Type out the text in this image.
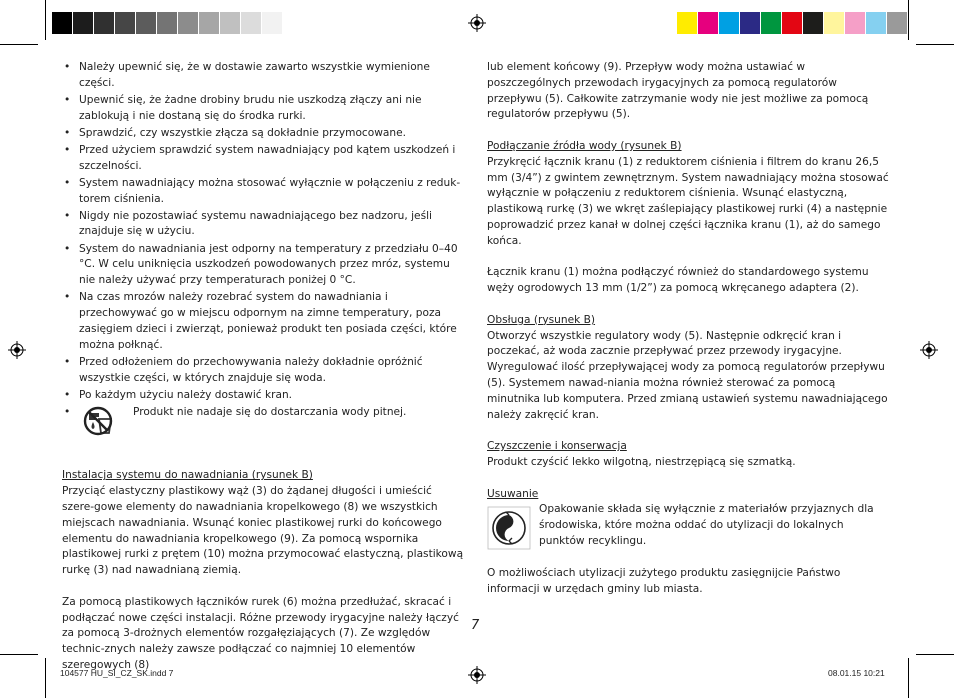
• Należy upewnić się, że w dostawie zawarto wszystkie wymienione części.
• Upewnić się, że żadne drobiny brudu nie uszkodzą złączy ani nie zablokują i nie dostaną się do środka rurki.
• Sprawdzić, czy wszystkie złącza są dokładnie przymocowane.
• Przed użyciem sprawdzić system nawadniający pod kątem uszkodzeń i szczelności.
• System nawadniający można stosować wyłącznie w połączeniu z reduk-torem ciśnienia.
• Nigdy nie pozostawiać systemu nawadniającego bez nadzoru, jeśli znajduje się w użyciu.
• System do nawadniania jest odporny na temperatury z przedziału 0–40 °C. W celu uniknięcia uszkodzeń powodowanych przez mróz, systemu nie należy używać przy temperaturach poniżej 0 °C.
• Na czas mrozów należy rozebrać system do nawadniania i przechowywać go w miejscu odpornym na zimne temperatury, poza zasięgiem dzieci i zwierząt, ponieważ produkt ten posiada części, które można połknąć.
• Przed odłożeniem do przechowywania należy dokładnie opróżnić wszystkie części, w których znajduje się woda.
• Po każdym użyciu należy dostawić kran.
• Produkt nie nadaje się do dostarczania wody pitnej.

Instalacja systemu do nawadniania (rysunek B)

Przyciąć elastyczny plastikowy wąż (3) do żądanej długości i umieścić szere-gowe elementy do nawadniania kropelkowego (8) we wszystkich miejscach nawadniania. Wsunąć koniec plastikowej rurki do końcowego elementu do nawadniania kropelkowego (9). Za pomocą wspornika plastikowej rurki z prętem (10) można przymocować elastyczną, plastikową rurkę (3) nad nawadnianą ziemią.

Za pomocą plastikowych łączników rurek (6) można przedłużać, skracać i podłączać nowe części instalacji. Różne przewody irygacyjne należy łączyć za pomocą 3-drożnych elementów rozgałęziających (7). Ze względów technic-znych należy zawsze podłączać co najmniej 10 elementów szeregowych (8)

lub element końcowy (9). Przepływ wody można ustawiać w poszczególnych przewodach irygacyjnych za pomocą regulatorów przepływu (5). Całkowite zatrzymanie wody nie jest możliwe za pomocą regulatorów przepływu (5).

Podłączanie źródła wody (rysunek B)

Przykręcić łącznik kranu (1) z reduktorem ciśnienia i filtrem do kranu 26,5 mm (3/4”) z gwintem zewnętrznym. System nawadniający można stosować wyłącznie w połączeniu z reduktorem ciśnienia. Wsunąć elastyczną, plastikową rurkę (3) we wkręt zaślepiający plastikowej rurki (4) a następnie poprowadzić przez kanał w dolnej części łącznika kranu (1), aż do samego końca.

Łącznik kranu (1) można podłączyć również do standardowego systemu węży ogrodowych 13 mm (1/2”) za pomocą wkręcanego adaptera (2).

Obsługa (rysunek B)

Otworzyć wszystkie regulatory wody (5). Następnie odkręcić kran i poczekać, aż woda zacznie przepływać przez przewody irygacyjne. Wyregulować ilość przepływającej wody za pomocą regulatorów przepływu (5). Systemem nawad-niania można również sterować za pomocą minutnika lub komputera. Przed zmianą ustawień systemu nawadniającego należy zakręcić kran.

Czyszczenie i konserwacja

Produkt czyścić lekko wilgotną, niestrzępiącą się szmatką.

Usuwanie

Opakowanie składa się wyłącznie z materiałów przyjaznych dla środowiska, które można oddać do utylizacji do lokalnych punktów recyklingu.

O możliwościach utylizacji zużytego produktu zasięgnijcie Państwo informacji w urzędach gminy lub miasta.

7
104577 HU_SI_CZ_SK.indd 7	08.01.15 10:21
